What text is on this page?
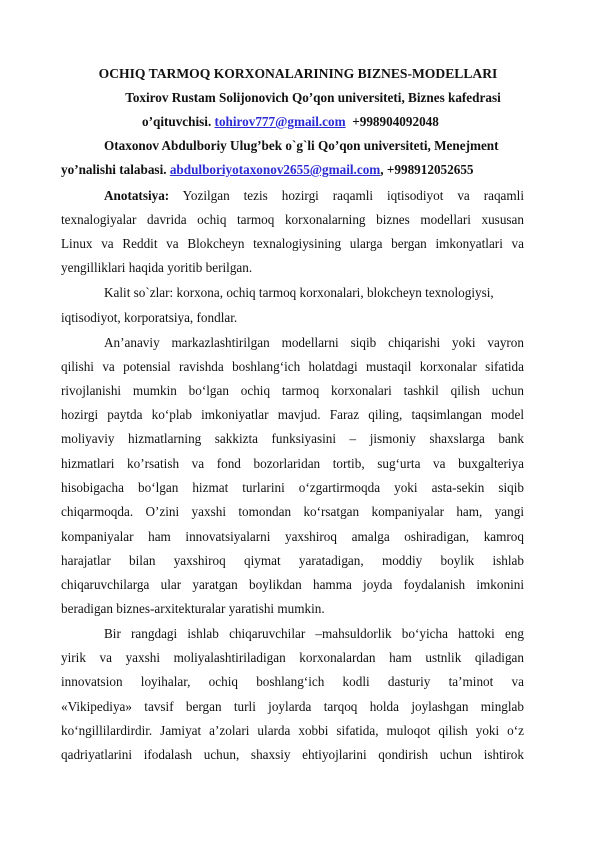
OCHIQ TARMOQ KORXONALARINING BIZNES-MODELLARI
Toxirov Rustam Solijonovich Qo’qon universiteti, Biznes kafedrasi
o’qituvchisi. tohirov777@gmail.com +998904092048
Otaxonov Abdulboriy Ulug’bek o`g`li Qo’qon universiteti, Menejment
yo’nalishi talabasi. abdulboriyotaxonov2655@gmail.com, +998912052655
Anotatsiya: Yozilgan tezis hozirgi raqamli iqtisodiyot va raqamli
texnalogiyalar davrida ochiq tarmoq korxonalarning biznes modellari xususan
Linux va Reddit va Blokcheyn texnalogiysining ularga bergan imkonyatlari va
yengilliklari haqida yoritib berilgan.
Kalit so`zlar: korxona, ochiq tarmoq korxonalari, blokcheyn texnologiysi,
iqtisodiyot, korporatsiya, fondlar.
An’anaviy markazlashtirilgan modellarni siqib chiqarishi yoki vayron
qilishi va potensial ravishda boshlang‘ich holatdagi mustaqil korxonalar sifatida
rivojlanishi mumkin bo‘lgan ochiq tarmoq korxonalari tashkil qilish uchun
hozirgi paytda ko‘plab imkoniyatlar mavjud. Faraz qiling, taqsimlangan model
moliyaviy hizmatlarning sakkizta funksiyasini – jismoniy shaxslarga bank
hizmatlari ko’rsatish va fond bozorlaridan tortib, sug‘urta va buxgalteriya
hisobigacha bo‘lgan hizmat turlarini o‘zgartirmoqda yoki asta-sekin siqib
chiqarmoqda. O’zini yaxshi tomondan ko‘rsatgan kompaniyalar ham, yangi
kompaniyalar ham innovatsiyalarni yaxshiroq amalga oshiradigan, kamroq
harajatlar bilan yaxshiroq qiymat yaratadigan, moddiy boylik ishlab
chiqaruvchilarga ular yaratgan boylikdan hamma joyda foydalanish imkonini
beradigan biznes-arxitekturalar yaratishi mumkin.
Bir rangdagi ishlab chiqaruvchilar –mahsuldorlik bo‘yicha hattoki eng
yirik va yaxshi moliyalashtiriladigan korxonalardan ham ustnlik qiladigan
innovatsion loyihalar, ochiq boshlang‘ich kodli dasturiy ta’minot va
«Vikipediya» tavsif bergan turli joylarda tarqoq holda joylashgan minglab
ko‘ngillilardirdir. Jamiyat a’zolari ularda xobbi sifatida, muloqot qilish yoki o‘z
qadriyatlarini ifodalash uchun, shaxsiy ehtiyojlarini qondirish uchun ishtirok
